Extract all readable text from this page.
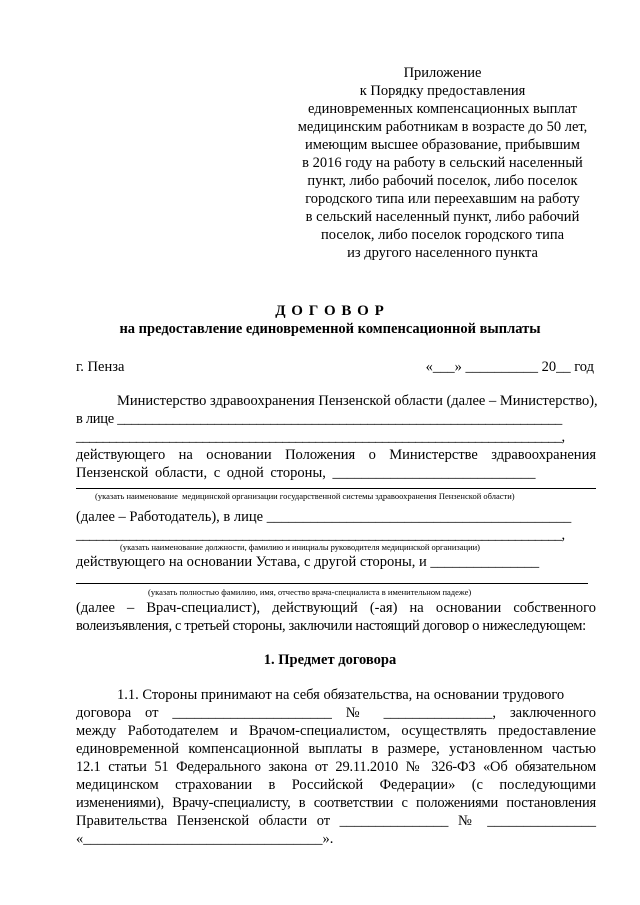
Приложение
к Порядку предоставления
единовременных компенсационных выплат
медицинским работникам в возрасте до 50 лет,
имеющим высшее образование, прибывшим
в 2016 году на работу в сельский населенный
пункт, либо рабочий поселок, либо поселок
городского типа или переехавшим на работу
в сельский населенный пункт, либо рабочий
поселок, либо поселок городского типа
из другого населенного пункта
Д О Г О В О Р
на предоставление единовременной компенсационной выплаты
г. Пенза	«___» __________ 20__ год
Министерство здравоохранения Пензенской области (далее – Министерство),
в лице ________________________________________________________________
_________________________________________________________________________,
действующего на основании Положения о Министерстве здравоохранения
Пензенской области, с одной стороны, ____________________________
(указать наименование  медицинской организации государственной системы здравоохранения Пензенской области)
(далее – Работодатель), в лице __________________________________________
_________________________________________________________________________,
(указать наименование должности, фамилию и инициалы руководителя медицинской организации)
действующего на основании Устава, с другой стороны, и _______________
(указать полностью фамилию, имя, отчество врача-специалиста в именительном падеже)
(далее – Врач-специалист), действующий (-ая) на основании собственного
волеизъявления, с третьей стороны, заключили настоящий договор о нижеследующем:
1. Предмет договора
1.1. Стороны принимают на себя обязательства, на основании трудового
договора от ______________________ № _______________, заключенного
между Работодателем и Врачом-специалистом, осуществлять предоставление
единовременной компенсационной выплаты в размере, установленном частью
12.1 статьи 51 Федерального закона от 29.11.2010 № 326-ФЗ «Об обязательном
медицинском страховании в Российской Федерации» (с последующими
изменениями), Врачу-специалисту, в соответствии с положениями постановления
Правительства Пензенской области от _______________ № _______________
«_________________________________».
